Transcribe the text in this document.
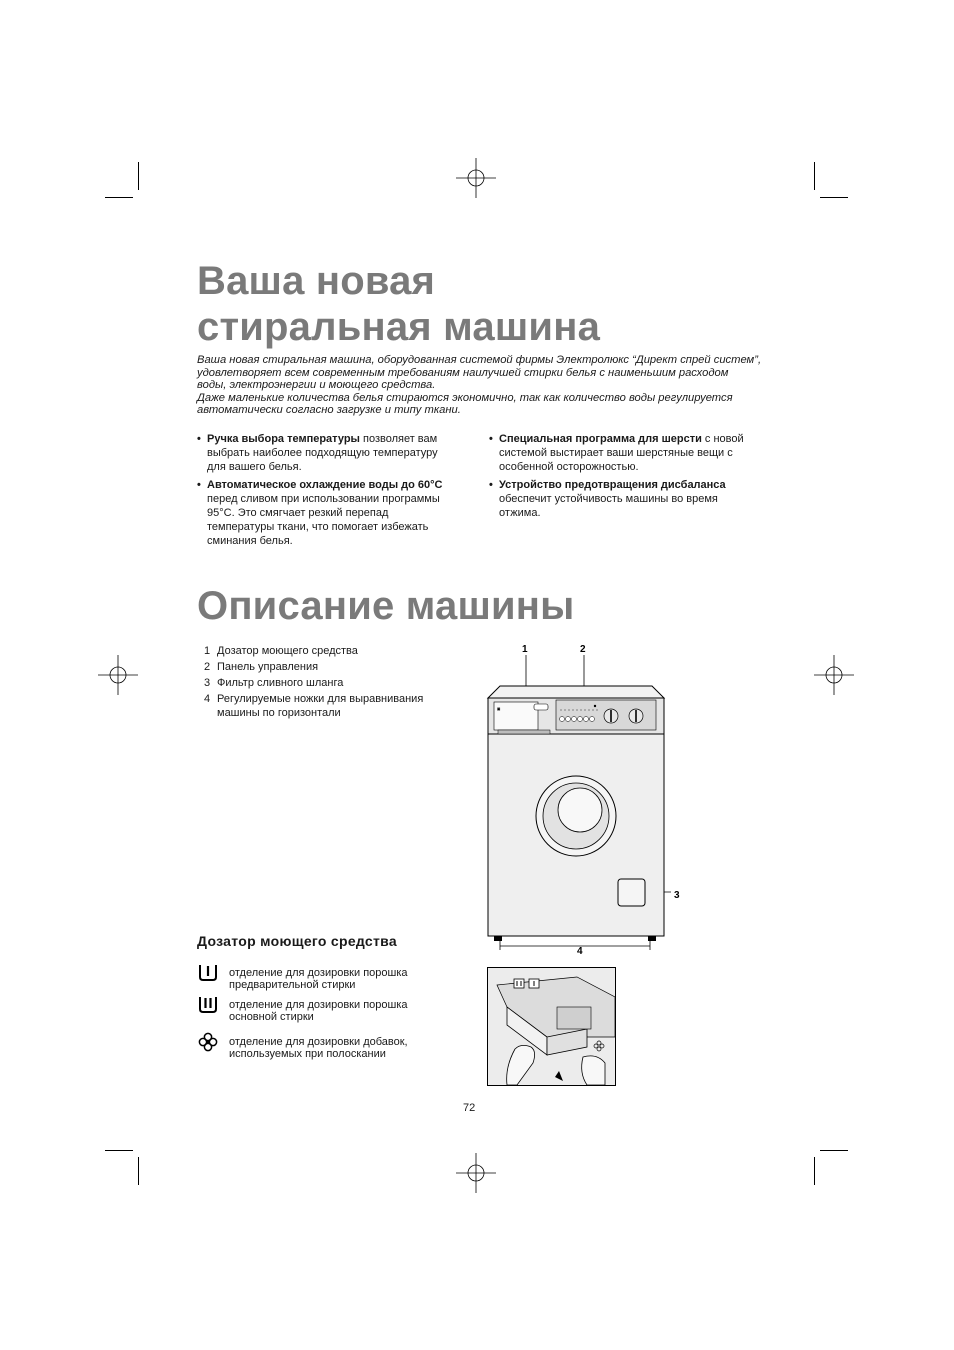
Ваша новая
стиральная машина

Ваша новая стиральная машина, оборудованная системой фирмы Электролюкс “Директ спрей систем”,

удовлетворяет всем современным требованиям наилучшей стирки белья с наименьшим расходом

воды, электроэнергии и моющего средства.

Даже маленькие количества белья стираются экономично, так как количество воды регулируется

автоматически согласно загрузке и типу ткани.

• Ручка выбора температуры позволяет вам выбрать наиболее подходящую температуру для вашего белья.
• Автоматическое охлаждение воды до 60°С перед сливом при использовании программы 95°С. Это смягчает резкий перепад температуры ткани, что помогает избежать сминания белья.
• Специальная программа для шерсти с новой системой выстирает ваши шерстяные вещи с особенной осторожностью.
• Устройство предотвращения дисбаланса обеспечит устойчивость машины во время отжима.
Описание машины
1 Дозатор моющего средства
2 Панель управления
3 Фильтр сливного шланга
4 Регулируемые ножки для выравнивания машины по горизонтали
1	2
3
4
▣
Дозатор моющего средства
отделение для дозировки порошка предварительной стирки
отделение для дозировки порошка основной стирки
отделение для дозировки добавок, используемых при полоскании
72
